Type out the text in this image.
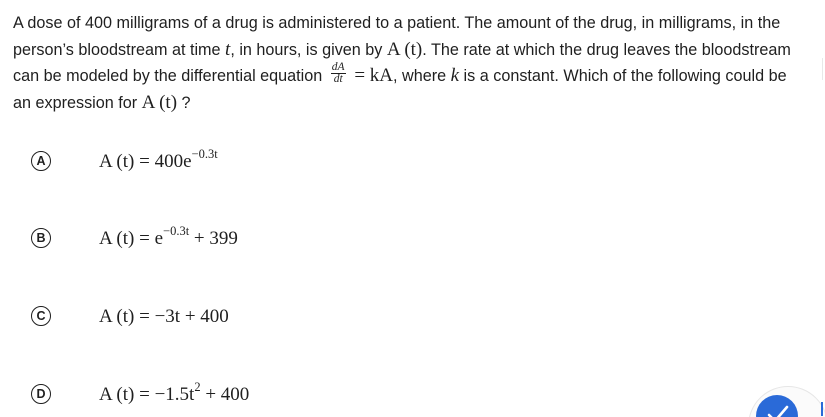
A dose of 400 milligrams of a drug is administered to a patient. The amount of the drug, in milligrams, in the person’s bloodstream at time t, in hours, is given by A (t). The rate at which the drug leaves the bloodstream can be modeled by the differential equation $\frac{dA}{dt}$ = kA, where k is a constant. Which of the following could be an expression for A (t) ?

A	A $(t) = 400e^{-0.3t}$
B	A $(t) = e^{-0.3t} + 399$
C	A (t) = −3t + 400
D	A $(t) = -1.5t^2 + 400$
